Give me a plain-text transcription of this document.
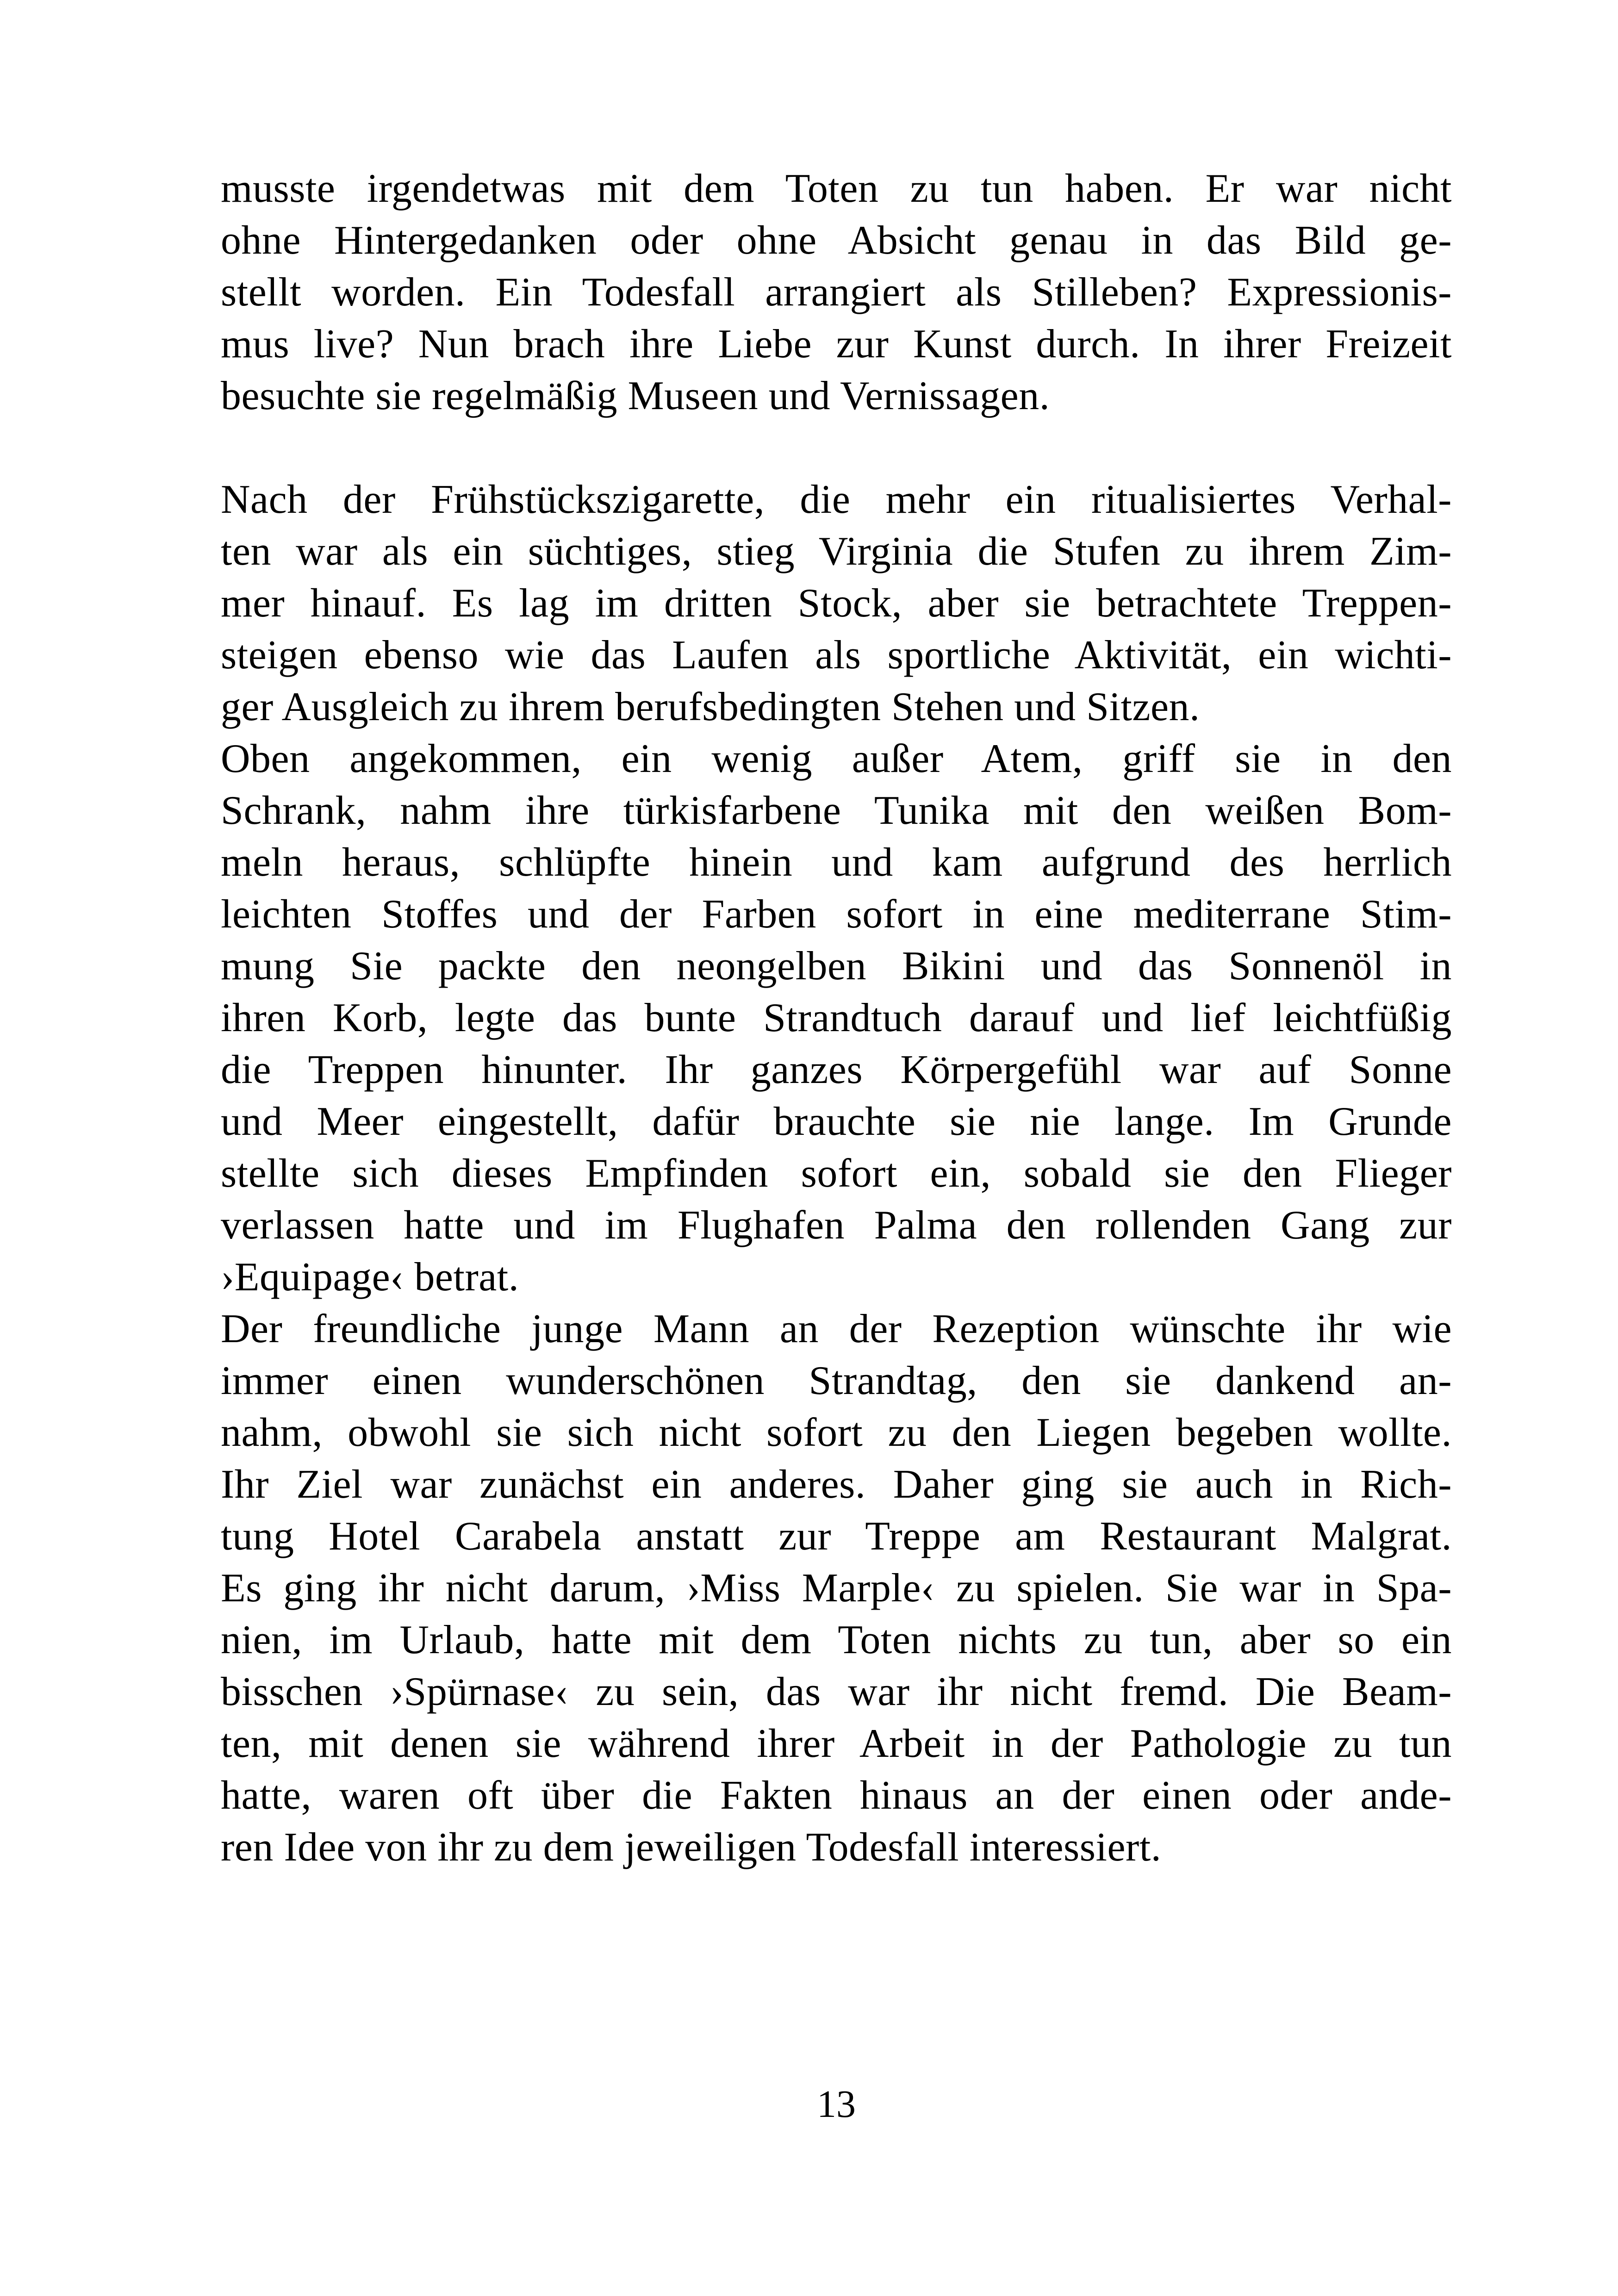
musste irgendetwas mit dem Toten zu tun haben. Er war nicht
ohne Hintergedanken oder ohne Absicht genau in das Bild ge-
stellt worden. Ein Todesfall arrangiert als Stilleben? Expressionis-
mus live? Nun brach ihre Liebe zur Kunst durch. In ihrer Freizeit
besuchte sie regelmäßig Museen und Vernissagen.
Nach der Frühstückszigarette, die mehr ein ritualisiertes Verhal-
ten war als ein süchtiges, stieg Virginia die Stufen zu ihrem Zim-
mer hinauf. Es lag im dritten Stock, aber sie betrachtete Treppen-
steigen ebenso wie das Laufen als sportliche Aktivität, ein wichti-
ger Ausgleich zu ihrem berufsbedingten Stehen und Sitzen.
Oben angekommen, ein wenig außer Atem, griff sie in den
Schrank, nahm ihre türkisfarbene Tunika mit den weißen Bom-
meln heraus, schlüpfte hinein und kam aufgrund des herrlich
leichten Stoffes und der Farben sofort in eine mediterrane Stim-
mung Sie packte den neongelben Bikini und das Sonnenöl in
ihren Korb, legte das bunte Strandtuch darauf und lief leichtfüßig
die Treppen hinunter. Ihr ganzes Körpergefühl war auf Sonne
und Meer eingestellt, dafür brauchte sie nie lange. Im Grunde
stellte sich dieses Empfinden sofort ein, sobald sie den Flieger
verlassen hatte und im Flughafen Palma den rollenden Gang zur
›Equipage‹ betrat.
Der freundliche junge Mann an der Rezeption wünschte ihr wie
immer einen wunderschönen Strandtag, den sie dankend an-
nahm, obwohl sie sich nicht sofort zu den Liegen begeben wollte.
Ihr Ziel war zunächst ein anderes. Daher ging sie auch in Rich-
tung Hotel Carabela anstatt zur Treppe am Restaurant Malgrat.
Es ging ihr nicht darum, ›Miss Marple‹ zu spielen. Sie war in Spa-
nien, im Urlaub, hatte mit dem Toten nichts zu tun, aber so ein
bisschen ›Spürnase‹ zu sein, das war ihr nicht fremd. Die Beam-
ten, mit denen sie während ihrer Arbeit in der Pathologie zu tun
hatte, waren oft über die Fakten hinaus an der einen oder ande-
ren Idee von ihr zu dem jeweiligen Todesfall interessiert.
13
